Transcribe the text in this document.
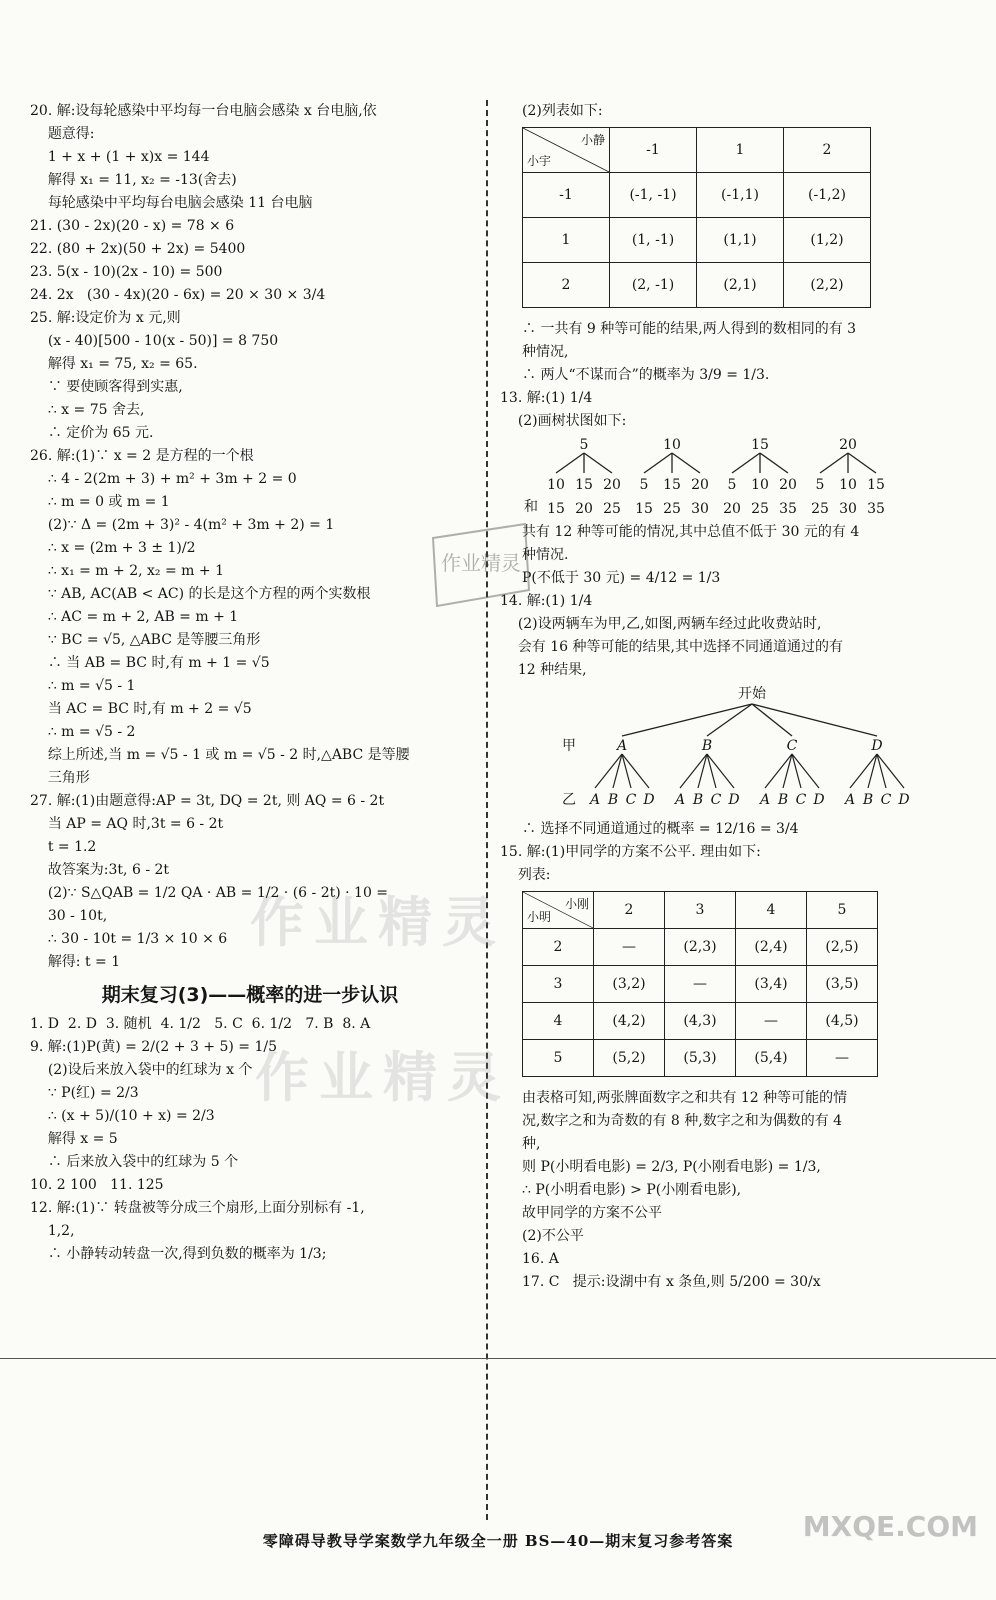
20. 解:设每轮感染中平均每一台电脑会感染 x 台电脑,依
题意得:
1 + x + (1 + x)x = 144
解得 x₁ = 11, x₂ = -13(舍去)
每轮感染中平均每台电脑会感染 11 台电脑
21. (30 - 2x)(20 - x) = 78 × 6
22. (80 + 2x)(50 + 2x) = 5400
23. 5(x - 10)(2x - 10) = 500
24. 2x   (30 - 4x)(20 - 6x) = 20 × 30 × 3/4
25. 解:设定价为 x 元,则
(x - 40)[500 - 10(x - 50)] = 8 750
解得 x₁ = 75, x₂ = 65.
∵ 要使顾客得到实惠,
∴ x = 75 舍去,
∴ 定价为 65 元.
26. 解:(1)∵ x = 2 是方程的一个根
∴ 4 - 2(2m + 3) + m² + 3m + 2 = 0
∴ m = 0 或 m = 1
(2)∵ Δ = (2m + 3)² - 4(m² + 3m + 2) = 1
∴ x = (2m + 3 ± 1)/2
∴ x₁ = m + 2, x₂ = m + 1
∵ AB, AC(AB < AC) 的长是这个方程的两个实数根
∴ AC = m + 2, AB = m + 1
∵ BC = √5, △ABC 是等腰三角形
∴ 当 AB = BC 时,有 m + 1 = √5
∴ m = √5 - 1
当 AC = BC 时,有 m + 2 = √5
∴ m = √5 - 2
综上所述,当 m = √5 - 1 或 m = √5 - 2 时,△ABC 是等腰
三角形
27. 解:(1)由题意得:AP = 3t, DQ = 2t, 则 AQ = 6 - 2t
当 AP = AQ 时,3t = 6 - 2t
t = 1.2
故答案为:3t, 6 - 2t
(2)∵ S△QAB = 1/2 QA · AB = 1/2 · (6 - 2t) · 10 =
30 - 10t,
∴ 30 - 10t = 1/3 × 10 × 6
解得: t = 1
期末复习(3)——概率的进一步认识
1. D  2. D  3. 随机  4. 1/2   5. C  6. 1/2   7. B  8. A
9. 解:(1)P(黄) = 2/(2 + 3 + 5) = 1/5
(2)设后来放入袋中的红球为 x 个
∵ P(红) = 2/3
∴ (x + 5)/(10 + x) = 2/3
解得 x = 5
∴ 后来放入袋中的红球为 5 个
10. 2 100   11. 125
12. 解:(1)∵ 转盘被等分成三个扇形,上面分别标有 -1,
1,2,
∴ 小静转动转盘一次,得到负数的概率为 1/3;
(2)列表如下:
小静
小宇	-1	1	2
-1	(-1, -1)	(-1,1)	(-1,2)
1	(1, -1)	(1,1)	(1,2)
2	(2, -1)	(2,1)	(2,2)
∴ 一共有 9 种等可能的结果,两人得到的数相同的有 3
种情况,
∴ 两人“不谋而合”的概率为 3/9 = 1/3.
13. 解:(1) 1/4
(2)画树状图如下:
和
5
10
15
15
20
20
25
10
5
15
15
25
20
30
15
5
20
10
25
20
35
20
5
25
10
30
15
35
共有 12 种等可能的情况,其中总值不低于 30 元的有 4
种情况.
P(不低于 30 元) = 4/12 = 1/3
14. 解:(1) 1/4
(2)设两辆车为甲,乙,如图,两辆车经过此收费站时,
会有 16 种等可能的结果,其中选择不同通道通过的有
12 种结果,
开始
甲
乙
A
A B C D
B
A B C D
C
A B C D
D
A B C D
∴ 选择不同通道通过的概率 = 12/16 = 3/4
15. 解:(1)甲同学的方案不公平. 理由如下:
列表:
小刚
小明	2	3	4	5
2	—	(2,3)	(2,4)	(2,5)
3	(3,2)	—	(3,4)	(3,5)
4	(4,2)	(4,3)	—	(4,5)
5	(5,2)	(5,3)	(5,4)	—
由表格可知,两张牌面数字之和共有 12 种等可能的情
况,数字之和为奇数的有 8 种,数字之和为偶数的有 4
种,
则 P(小明看电影) = 2/3, P(小刚看电影) = 1/3,
∴ P(小明看电影) > P(小刚看电影),
故甲同学的方案不公平
(2)不公平
16. A
17. C   提示:设湖中有 x 条鱼,则 5/200 = 30/x
作业精灵
作业精灵
作业精灵
零障碍导教导学案数学九年级全一册 BS—40—期末复习参考答案	MXQE.COM
